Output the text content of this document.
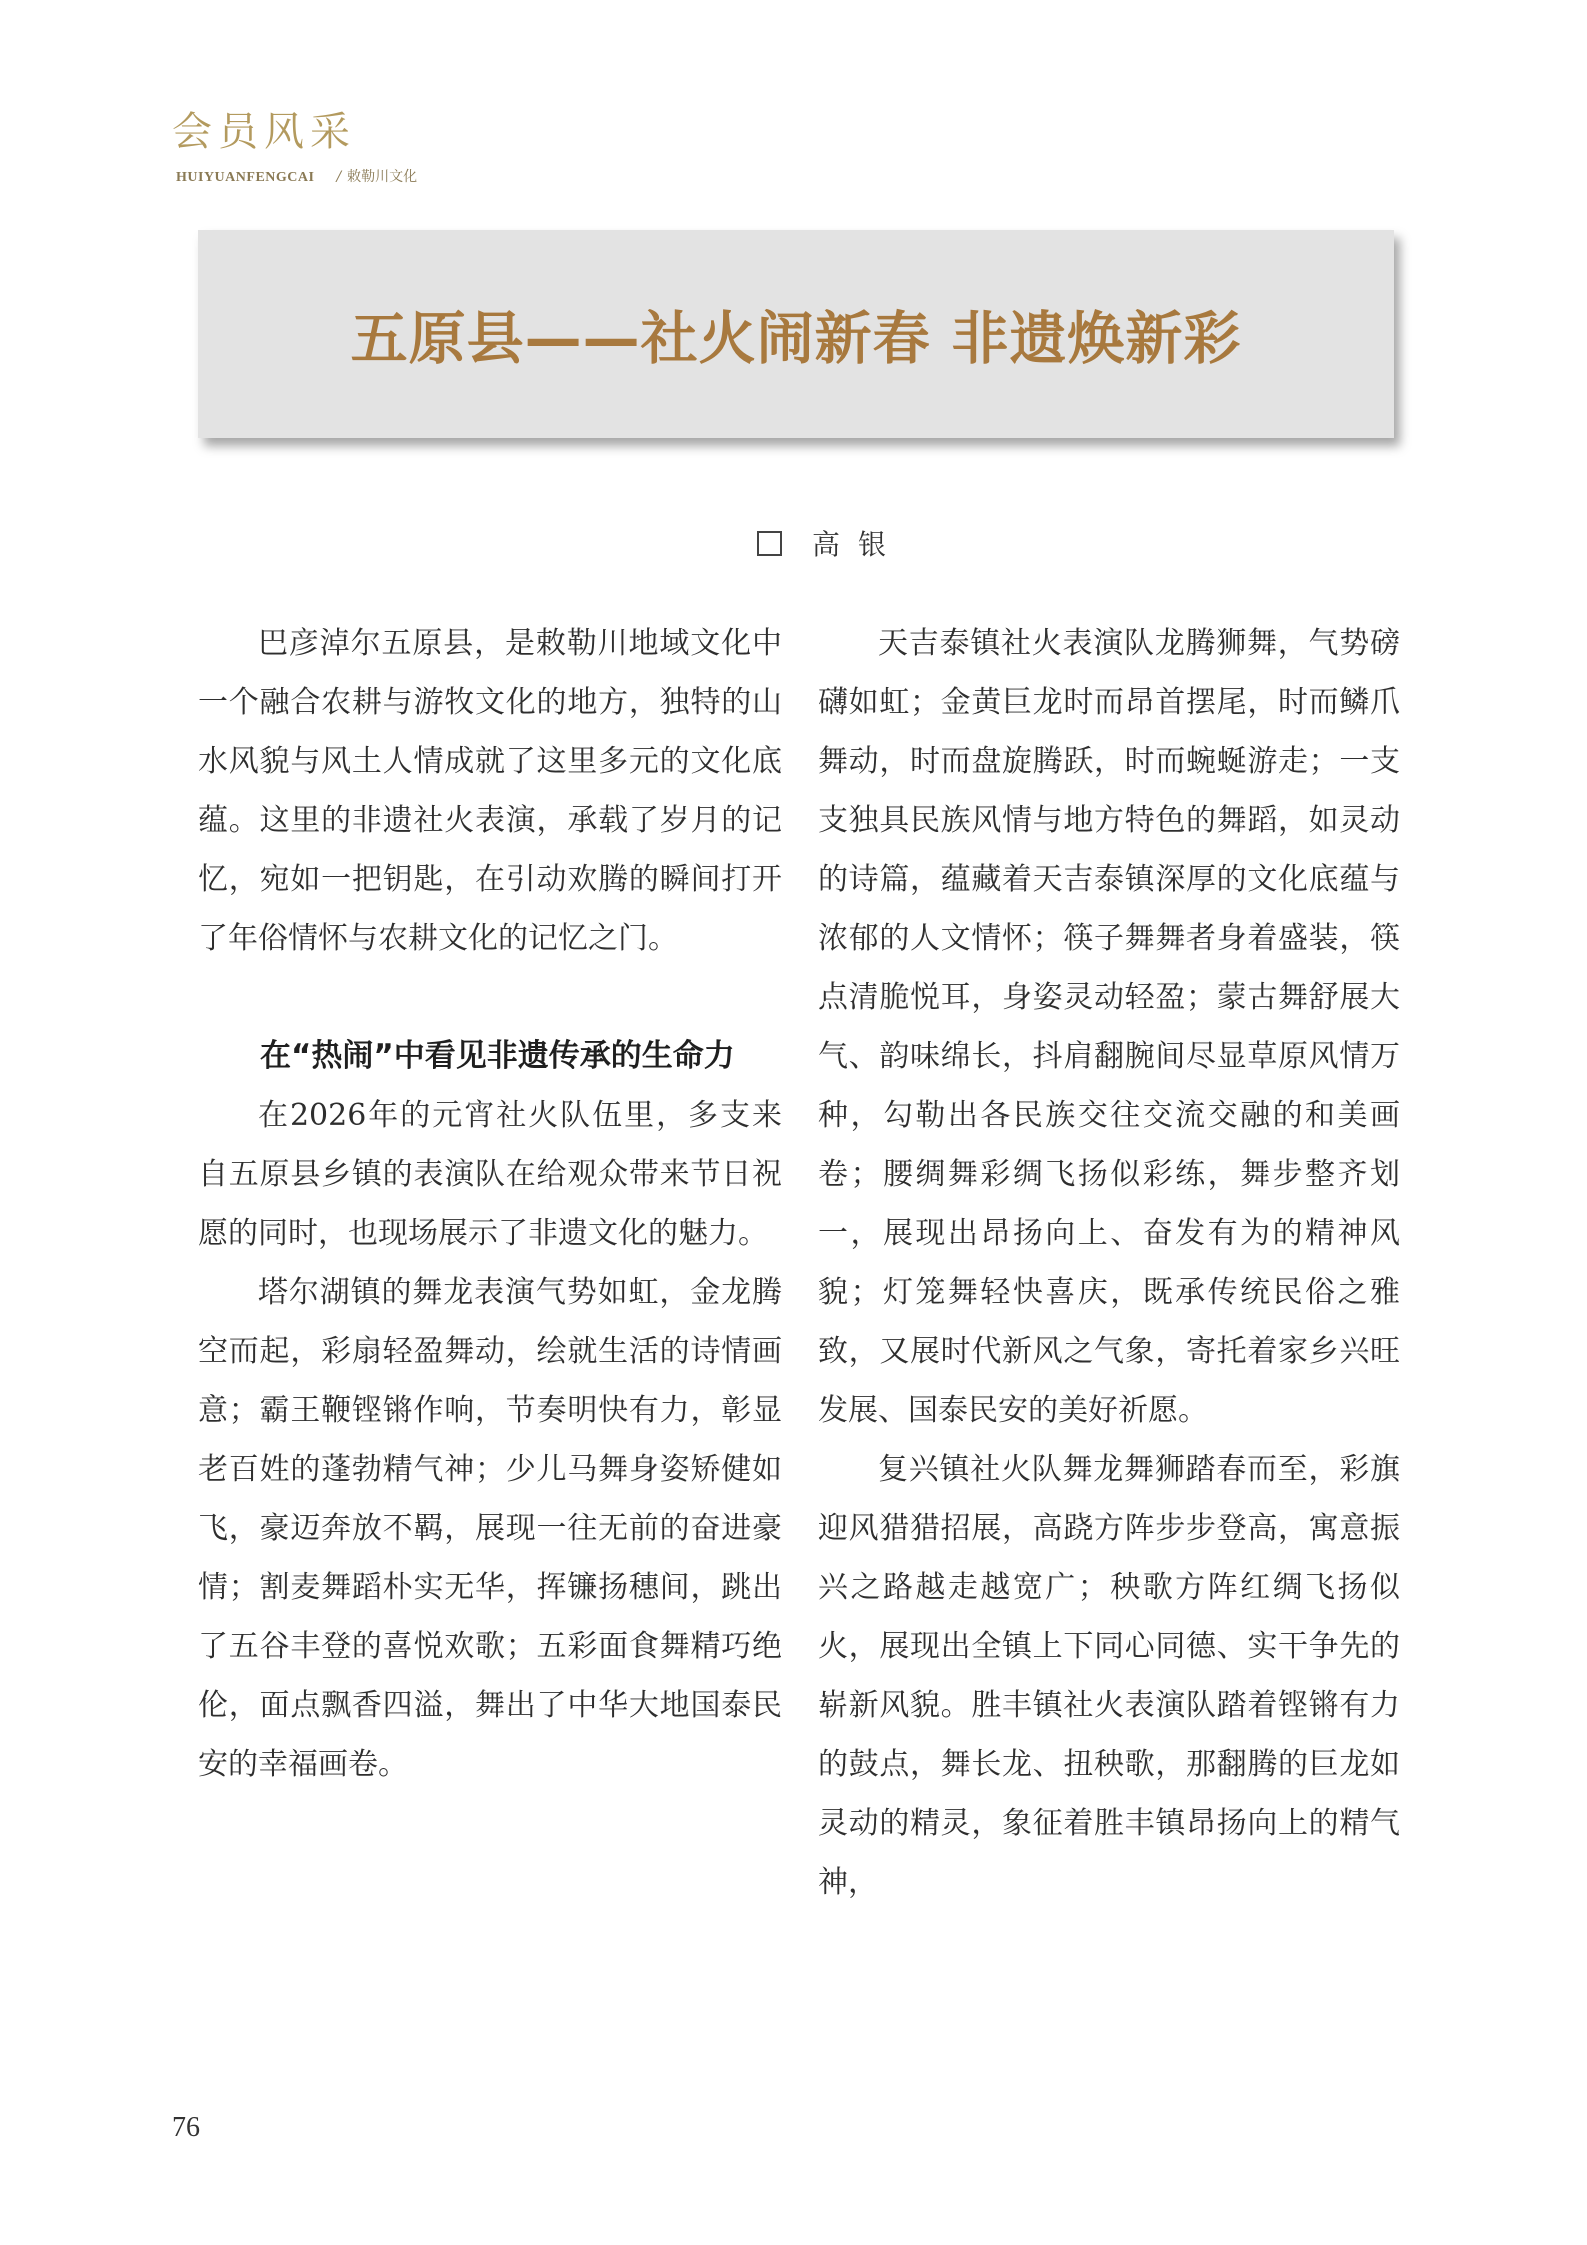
会员风采
HUIYUANFENGCAI / 敕勒川文化
五原县——社火闹新春 非遗焕新彩
高银

巴彦淖尔五原县，是敕勒川地域文化中一个融合农耕与游牧文化的地方，独特的山水风貌与风土人情成就了这里多元的文化底蕴。这里的非遗社火表演，承载了岁月的记忆，宛如一把钥匙，在引动欢腾的瞬间打开了年俗情怀与农耕文化的记忆之门。

在“热闹”中看见非遗传承的生命力

在2026年的元宵社火队伍里，多支来自五原县乡镇的表演队在给观众带来节日祝愿的同时，也现场展示了非遗文化的魅力。

塔尔湖镇的舞龙表演气势如虹，金龙腾空而起，彩扇轻盈舞动，绘就生活的诗情画意；霸王鞭铿锵作响，节奏明快有力，彰显老百姓的蓬勃精气神；少儿马舞身姿矫健如飞，豪迈奔放不羁，展现一往无前的奋进豪情；割麦舞蹈朴实无华，挥镰扬穗间，跳出了五谷丰登的喜悦欢歌；五彩面食舞精巧绝伦，面点飘香四溢，舞出了中华大地国泰民安的幸福画卷。

天吉泰镇社火表演队龙腾狮舞，气势磅礴如虹；金黄巨龙时而昂首摆尾，时而鳞爪舞动，时而盘旋腾跃，时而蜿蜒游走；一支支独具民族风情与地方特色的舞蹈，如灵动的诗篇，蕴藏着天吉泰镇深厚的文化底蕴与浓郁的人文情怀；筷子舞舞者身着盛装，筷点清脆悦耳，身姿灵动轻盈；蒙古舞舒展大气、韵味绵长，抖肩翻腕间尽显草原风情万种，勾勒出各民族交往交流交融的和美画卷；腰绸舞彩绸飞扬似彩练，舞步整齐划一，展现出昂扬向上、奋发有为的精神风貌；灯笼舞轻快喜庆，既承传统民俗之雅致，又展时代新风之气象，寄托着家乡兴旺发展、国泰民安的美好祈愿。

复兴镇社火队舞龙舞狮踏春而至，彩旗迎风猎猎招展，高跷方阵步步登高，寓意振兴之路越走越宽广；秧歌方阵红绸飞扬似火，展现出全镇上下同心同德、实干争先的崭新风貌。胜丰镇社火表演队踏着铿锵有力的鼓点，舞长龙、扭秧歌，那翻腾的巨龙如灵动的精灵，象征着胜丰镇昂扬向上的精气神，

76
